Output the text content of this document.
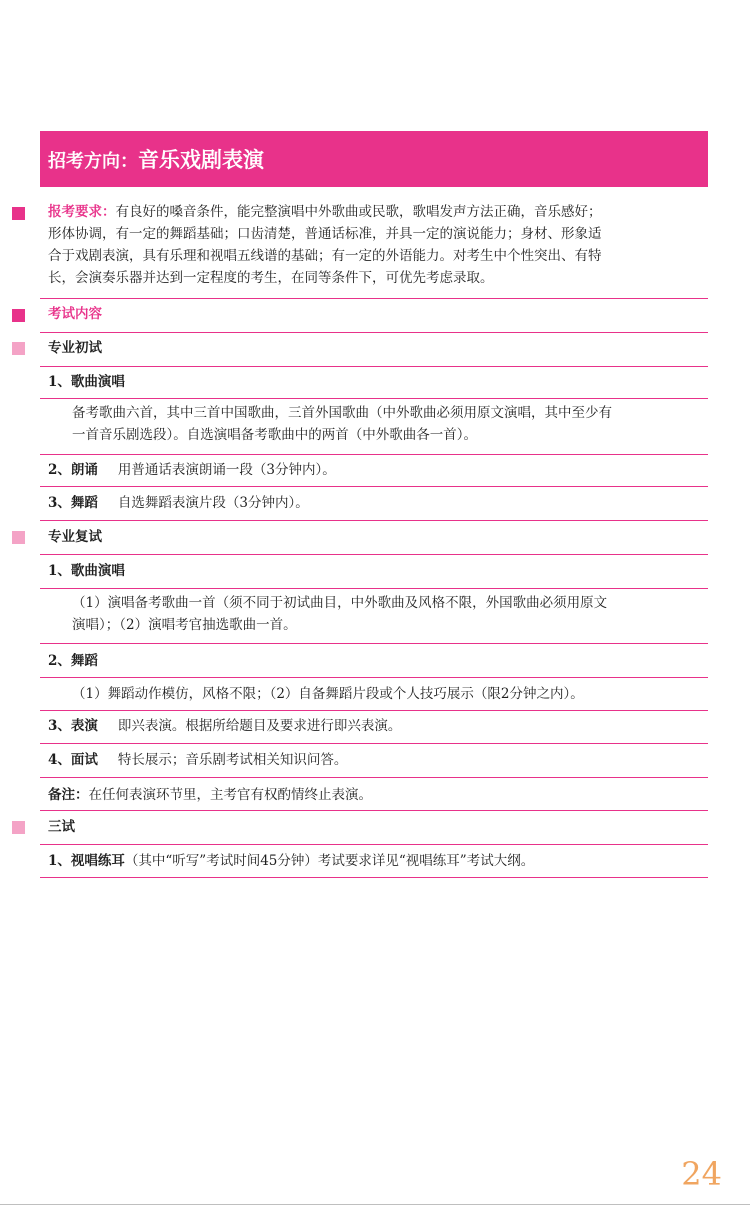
招考方向：音乐戏剧表演
报考要求：有良好的嗓音条件，能完整演唱中外歌曲或民歌，歌唱发声方法正确，音乐感好；
形体协调，有一定的舞蹈基础；口齿清楚，普通话标准，并具一定的演说能力；身材、形象适
合于戏剧表演，具有乐理和视唱五线谱的基础；有一定的外语能力。对考生中个性突出、有特
长，会演奏乐器并达到一定程度的考生，在同等条件下，可优先考虑录取。
考试内容
专业初试
1、歌曲演唱
备考歌曲六首，其中三首中国歌曲，三首外国歌曲（中外歌曲必须用原文演唱，其中至少有
一首音乐剧选段）。自选演唱备考歌曲中的两首（中外歌曲各一首）。
2、朗诵 用普通话表演朗诵一段（3分钟内）。
3、舞蹈 自选舞蹈表演片段（3分钟内）。
专业复试
1、歌曲演唱
（1）演唱备考歌曲一首（须不同于初试曲目，中外歌曲及风格不限，外国歌曲必须用原文
演唱）；（2）演唱考官抽选歌曲一首。
2、舞蹈
（1）舞蹈动作模仿，风格不限；（2）自备舞蹈片段或个人技巧展示（限2分钟之内）。
3、表演 即兴表演。根据所给题目及要求进行即兴表演。
4、面试 特长展示；音乐剧考试相关知识问答。
备注：在任何表演环节里，主考官有权酌情终止表演。
三试
1、视唱练耳（其中“听写”考试时间45分钟）考试要求详见“视唱练耳”考试大纲。
24
